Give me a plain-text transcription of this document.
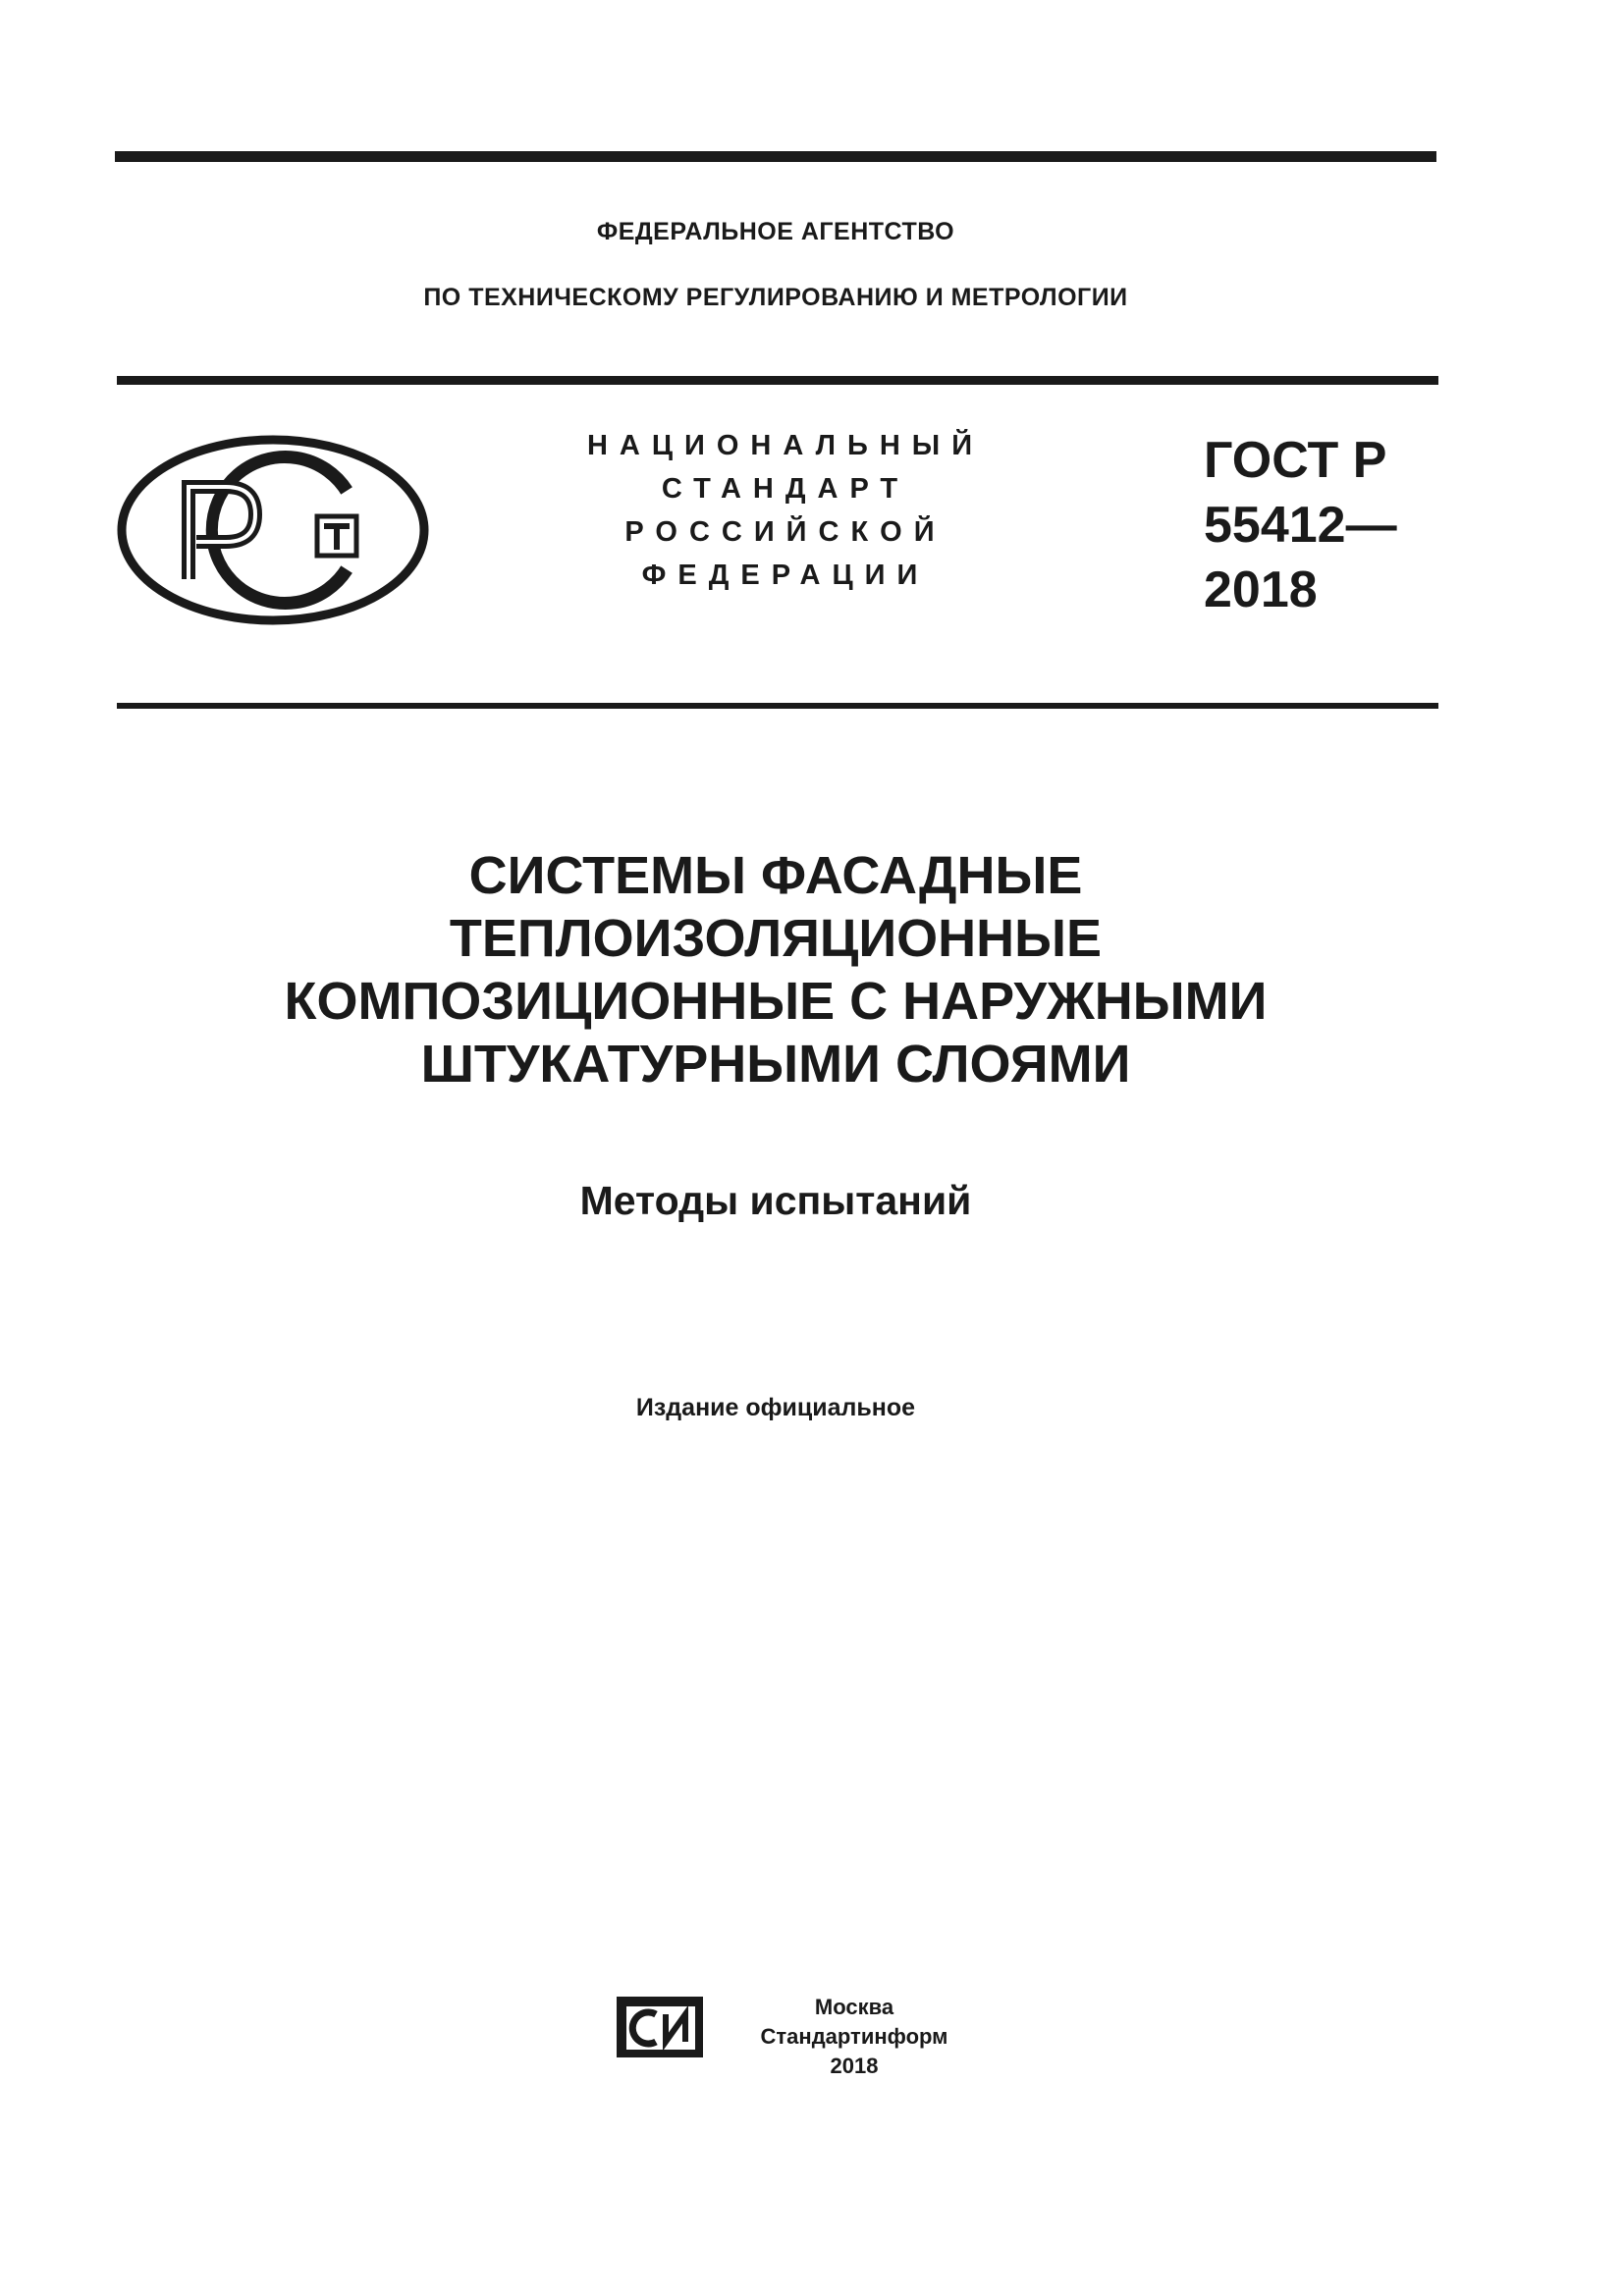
ФЕДЕРАЛЬНОЕ АГЕНТСТВО
ПО ТЕХНИЧЕСКОМУ РЕГУЛИРОВАНИЮ И МЕТРОЛОГИИ
НАЦИОНАЛЬНЫЙ
СТАНДАРТ
РОССИЙСКОЙ
ФЕДЕРАЦИИ
ГОСТ Р
55412—
2018
СИСТЕМЫ ФАСАДНЫЕ
ТЕПЛОИЗОЛЯЦИОННЫЕ
КОМПОЗИЦИОННЫЕ С НАРУЖНЫМИ
ШТУКАТУРНЫМИ СЛОЯМИ
Методы испытаний
Издание официальное
Москва
Стандартинформ
2018
